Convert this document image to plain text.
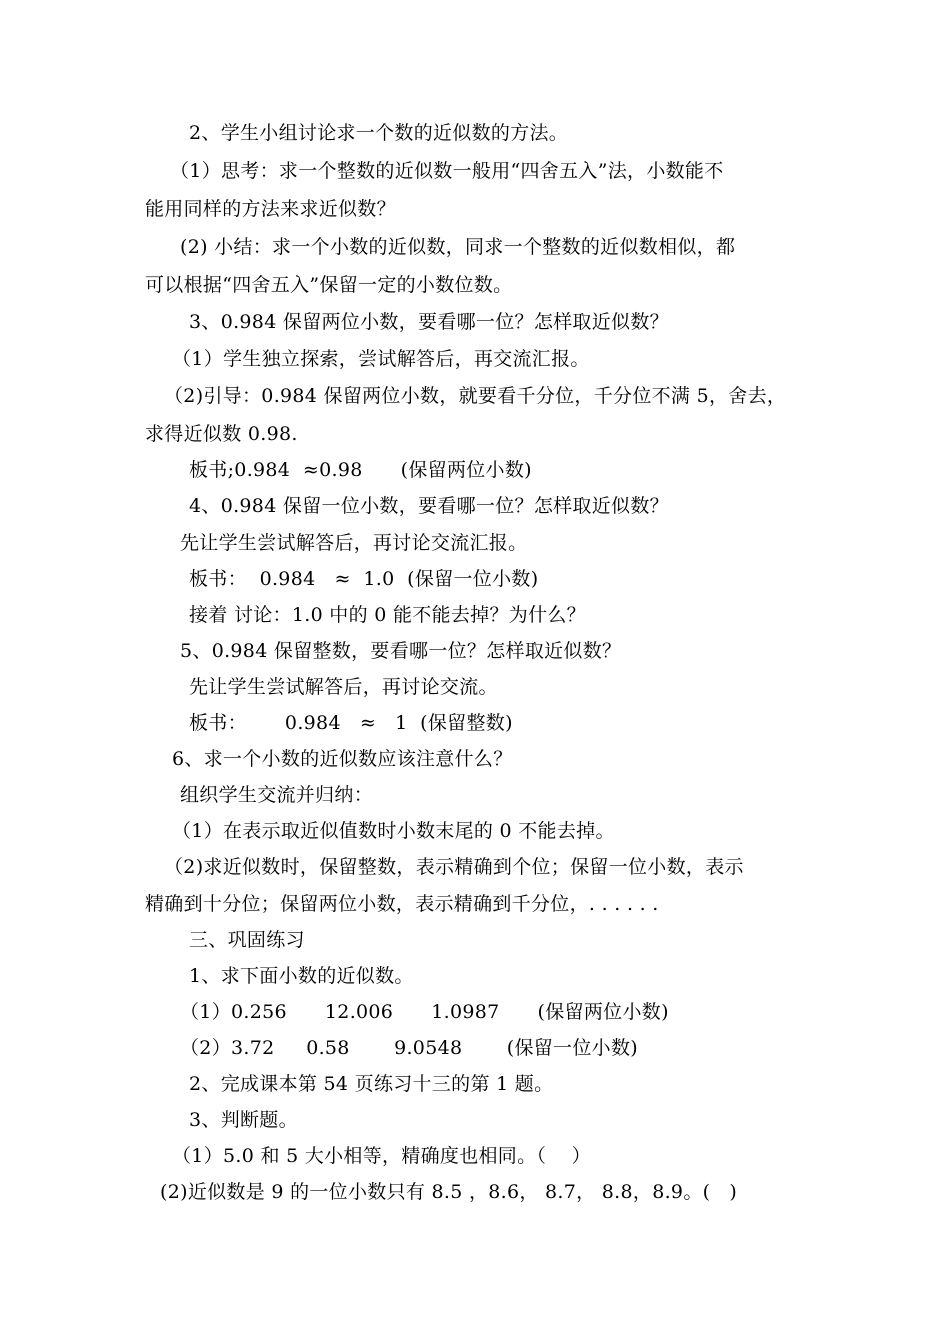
2、学生小组讨论求一个数的近似数的方法。
（1）思考：求一个整数的近似数一般用“四舍五入”法，小数能不
能用同样的方法来求近似数？
(2) 小结：求一个小数的近似数，同求一个整数的近似数相似，都
可以根据“四舍五入”保留一定的小数位数。
3、0.984 保留两位小数，要看哪一位？怎样取近似数？
（1）学生独立探索，尝试解答后，再交流汇报。
（2)引导：0.984 保留两位小数，就要看千分位，千分位不满 5，舍去，
求得近似数 0.98.
板书;0.984  ≈0.98      (保留两位小数)
4、0.984 保留一位小数，要看哪一位？怎样取近似数？
先让学生尝试解答后，再讨论交流汇报。
板书：  0.984   ≈  1.0  (保留一位小数)
接着 讨论：1.0 中的 0 能不能去掉？为什么？
5、0.984 保留整数，要看哪一位？怎样取近似数？
先让学生尝试解答后，再讨论交流。
板书：      0.984   ≈   1  (保留整数)
6、求一个小数的近似数应该注意什么？
组织学生交流并归纳：
（1）在表示取近似值数时小数末尾的 0 不能去掉。
（2)求近似数时，保留整数，表示精确到个位；保留一位小数，表示
精确到十分位；保留两位小数，表示精确到千分位，. . . . . .
三、巩固练习
1、求下面小数的近似数。
（1）0.256      12.006      1.0987      (保留两位小数)
（2）3.72     0.58       9.0548       (保留一位小数)
2、完成课本第 54 页练习十三的第 1 题。
3、判断题。
（1）5.0 和 5 大小相等，精确度也相同。（    ）
(2)近似数是 9 的一位小数只有 8.5 ，8.6， 8.7， 8.8，8.9。(   )
